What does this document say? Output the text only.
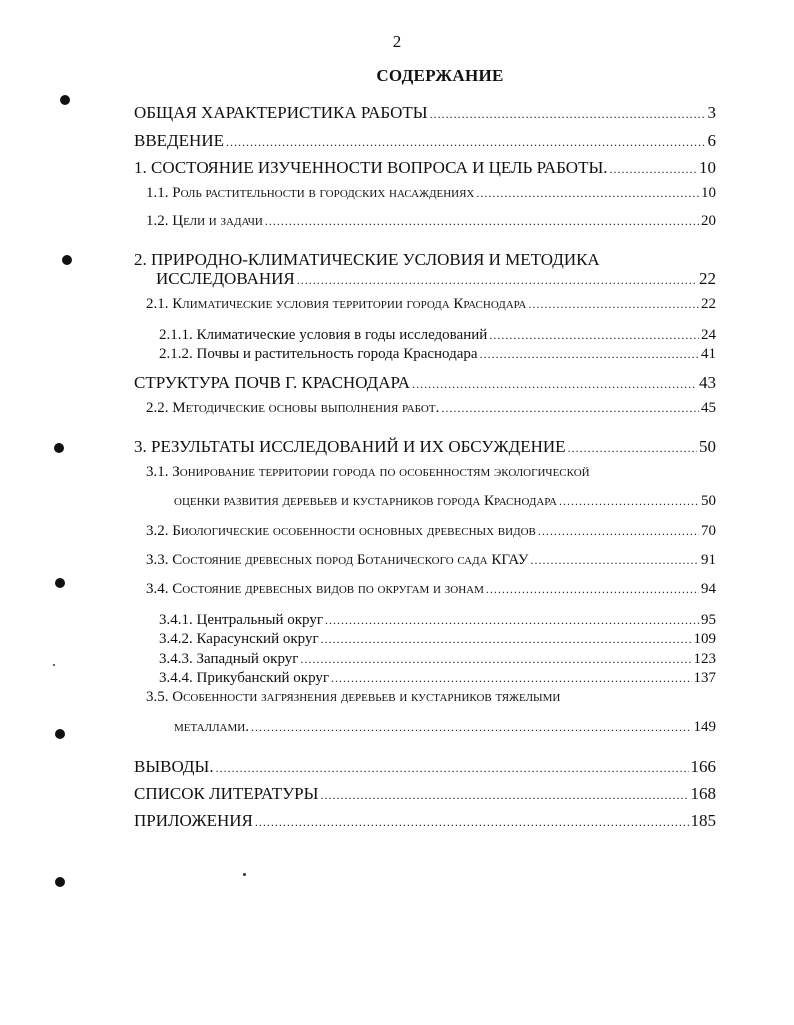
2
СОДЕРЖАНИЕ
ОБЩАЯ ХАРАКТЕРИСТИКА РАБОТЫ .....	3
ВВЕДЕНИЕ .....	6
1. СОСТОЯНИЕ ИЗУЧЕННОСТИ ВОПРОСА И ЦЕЛЬ РАБОТЫ. .....	10
1.1. Роль растительности в городских насаждениях .....	10
1.2. Цели и задачи .....	20
2. ПРИРОДНО-КЛИМАТИЧЕСКИЕ УСЛОВИЯ И МЕТОДИКА
ИССЛЕДОВАНИЯ .....	22
2.1. Климатические условия территории города Краснодара .....	22
2.1.1. Климатические условия в годы исследований .....	24
2.1.2. Почвы и растительность города Краснодара .....	41
СТРУКТУРА ПОЧВ Г. КРАСНОДАРА .....	43
2.2. Методические основы выполнения работ. .....	45
3. РЕЗУЛЬТАТЫ ИССЛЕДОВАНИЙ И ИХ ОБСУЖДЕНИЕ .....	50
3.1. Зонирование территории города по особенностям экологической
оценки развития деревьев и кустарников города Краснодара .....	50
3.2. Биологические особенности основных древесных видов .....	70
3.3. Состояние древесных пород Ботанического сада КГАУ .....	91
3.4. Состояние древесных видов по округам и зонам .....	94
3.4.1. Центральный округ .....	95
3.4.2. Карасунский округ .....	109
3.4.3. Западный округ .....	123
3.4.4. Прикубанский округ .....	137
3.5. Особенности загрязнения деревьев и кустарников тяжелыми
металлами. .....	149
ВЫВОДЫ. .....	166
СПИСОК ЛИТЕРАТУРЫ .....	168
ПРИЛОЖЕНИЯ .....	185
